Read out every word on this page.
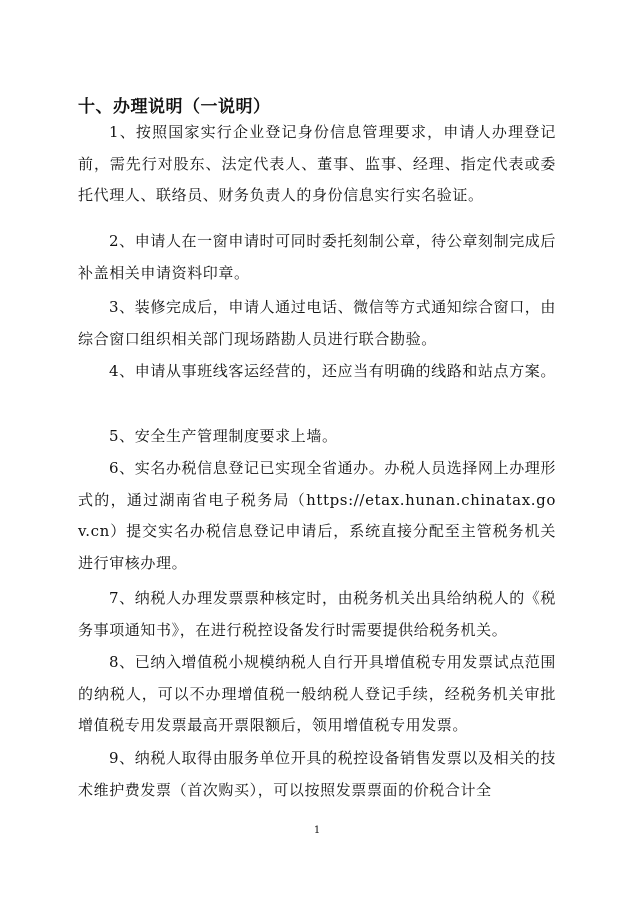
十、办理说明（一说明）

1、按照国家实行企业登记身份信息管理要求，申请人办理登记前，需先行对股东、法定代表人、董事、监事、经理、指定代表或委托代理人、联络员、财务负责人的身份信息实行实名验证。

2、申请人在一窗申请时可同时委托刻制公章，待公章刻制完成后补盖相关申请资料印章。

3、装修完成后，申请人通过电话、微信等方式通知综合窗口，由综合窗口组织相关部门现场踏勘人员进行联合勘验。

4、申请从事班线客运经营的，还应当有明确的线路和站点方案。

5、安全生产管理制度要求上墙。

6、实名办税信息登记已实现全省通办。办税人员选择网上办理形式的，通过湖南省电子税务局（https://etax.hunan.chinatax.gov.cn）提交实名办税信息登记申请后，系统直接分配至主管税务机关进行审核办理。

7、纳税人办理发票票种核定时，由税务机关出具给纳税人的《税务事项通知书》，在进行税控设备发行时需要提供给税务机关。

8、已纳入增值税小规模纳税人自行开具增值税专用发票试点范围的纳税人，可以不办理增值税一般纳税人登记手续，经税务机关审批增值税专用发票最高开票限额后，领用增值税专用发票。

9、纳税人取得由服务单位开具的税控设备销售发票以及相关的技术维护费发票（首次购买），可以按照发票票面的价税合计全

1
